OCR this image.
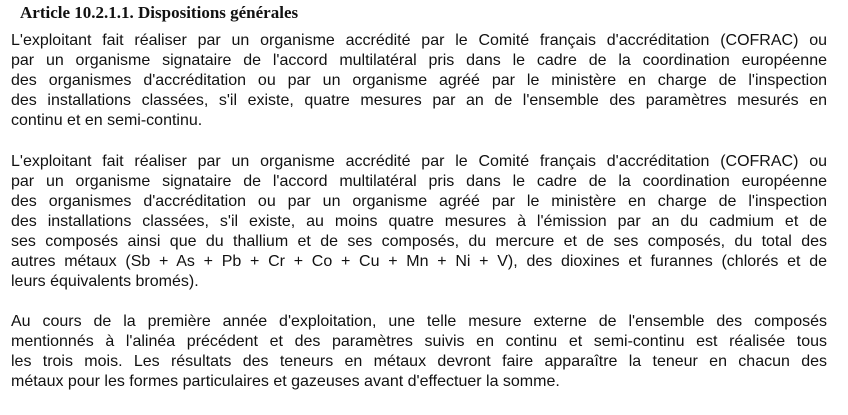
Article 10.2.1.1. Dispositions générales

L'exploitant fait réaliser par un organisme accrédité par le Comité français d'accréditation (COFRAC) ou
par un organisme signataire de l'accord multilatéral pris dans le cadre de la coordination européenne
des organismes d'accréditation ou par un organisme agréé par le ministère en charge de l'inspection
des installations classées, s'il existe, quatre mesures par an de l'ensemble des paramètres mesurés en
continu et en semi-continu.

L'exploitant fait réaliser par un organisme accrédité par le Comité français d'accréditation (COFRAC) ou
par un organisme signataire de l'accord multilatéral pris dans le cadre de la coordination européenne
des organismes d'accréditation ou par un organisme agréé par le ministère en charge de l'inspection
des installations classées, s'il existe, au moins quatre mesures à l'émission par an du cadmium et de
ses composés ainsi que du thallium et de ses composés, du mercure et de ses composés, du total des
autres métaux (Sb + As + Pb + Cr + Co + Cu + Mn + Ni + V), des dioxines et furannes (chlorés et de
leurs équivalents bromés).

Au cours de la première année d'exploitation, une telle mesure externe de l'ensemble des composés
mentionnés à l'alinéa précédent et des paramètres suivis en continu et semi-continu est réalisée tous
les trois mois. Les résultats des teneurs en métaux devront faire apparaître la teneur en chacun des
métaux pour les formes particulaires et gazeuses avant d'effectuer la somme.
